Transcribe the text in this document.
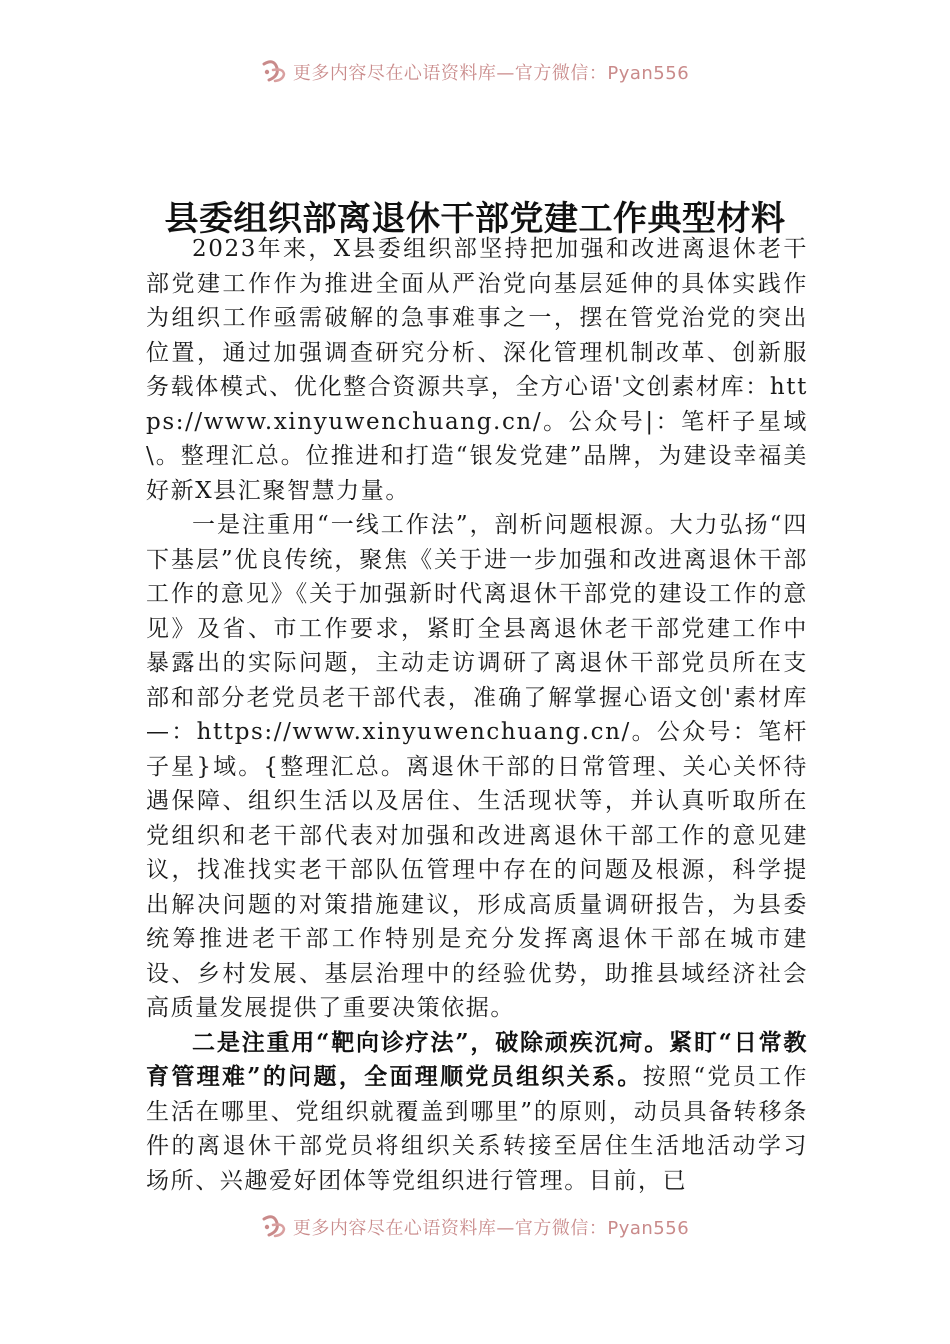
更多内容尽在心语资料库—官方微信：Pyan556
县委组织部离退休干部党建工作典型材料

2023年来，X县委组织部坚持把加强和改进离退休老干部党建工作作为推进全面从严治党向基层延伸的具体实践作为组织工作亟需破解的急事难事之一，摆在管党治党的突出位置，通过加强调查研究分析、深化管理机制改革、创新服务载体模式、优化整合资源共享，全方心语'文创素材库：https://www.xinyuwenchuang.cn/。公众号|：笔杆子星域\。整理汇总。位推进和打造“银发党建”品牌，为建设幸福美好新X县汇聚智慧力量。

一是注重用“一线工作法”，剖析问题根源。大力弘扬“四下基层”优良传统，聚焦《关于进一步加强和改进离退休干部工作的意见》《关于加强新时代离退休干部党的建设工作的意见》及省、市工作要求，紧盯全县离退休老干部党建工作中暴露出的实际问题，主动走访调研了离退休干部党员所在支部和部分老党员老干部代表，准确了解掌握心语文创'素材库—：https://www.xinyuwenchuang.cn/。公众号：笔杆子星}域。{整理汇总。离退休干部的日常管理、关心关怀待遇保障、组织生活以及居住、生活现状等，并认真听取所在党组织和老干部代表对加强和改进离退休干部工作的意见建议，找准找实老干部队伍管理中存在的问题及根源，科学提出解决问题的对策措施建议，形成高质量调研报告，为县委统筹推进老干部工作特别是充分发挥离退休干部在城市建设、乡村发展、基层治理中的经验优势，助推县域经济社会高质量发展提供了重要决策依据。

二是注重用“靶向诊疗法”，破除顽疾沉疴。紧盯“日常教育管理难”的问题，全面理顺党员组织关系。按照“党员工作生活在哪里、党组织就覆盖到哪里”的原则，动员具备转移条件的离退休干部党员将组织关系转接至居住生活地活动学习场所、兴趣爱好团体等党组织进行管理。目前，已

更多内容尽在心语资料库—官方微信：Pyan556
